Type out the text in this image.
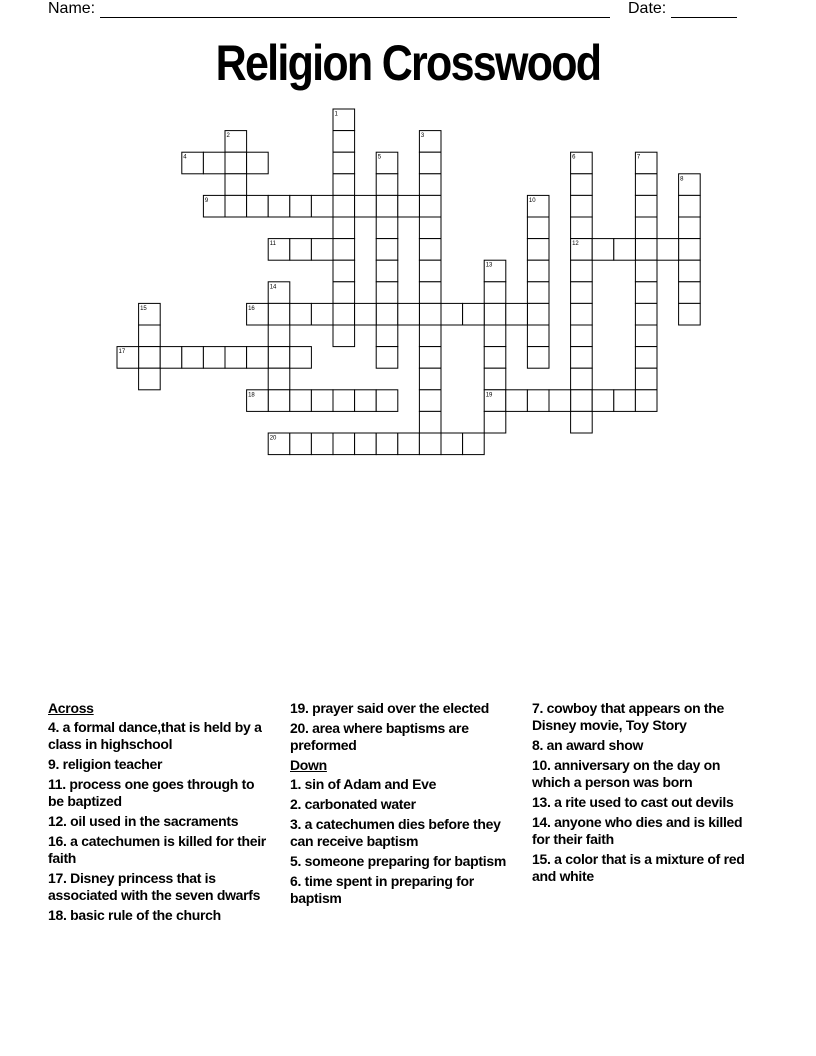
Name:	Date:
Religion Crosswood
1
2	3
4	5	6	7
8
9	10
11	12
13
14
15	16
17
18	19
20
Across
4. a formal dance,that is held by a class in highschool
9. religion teacher
11. process one goes through to be baptized
12. oil used in the sacraments
16. a catechumen is killed for their faith
17. Disney princess that is associated with the seven dwarfs
18. basic rule of the church
19. prayer said over the elected
20. area where baptisms are preformed
Down
1. sin of Adam and Eve
2. carbonated water
3. a catechumen dies before they can receive baptism
5. someone preparing for baptism
6. time spent in preparing for baptism
7. cowboy that appears on the Disney movie, Toy Story
8. an award show
10. anniversary on the day on which a person was born
13. a rite used to cast out devils
14. anyone who dies and is killed for their faith
15. a color that is a mixture of red and white
